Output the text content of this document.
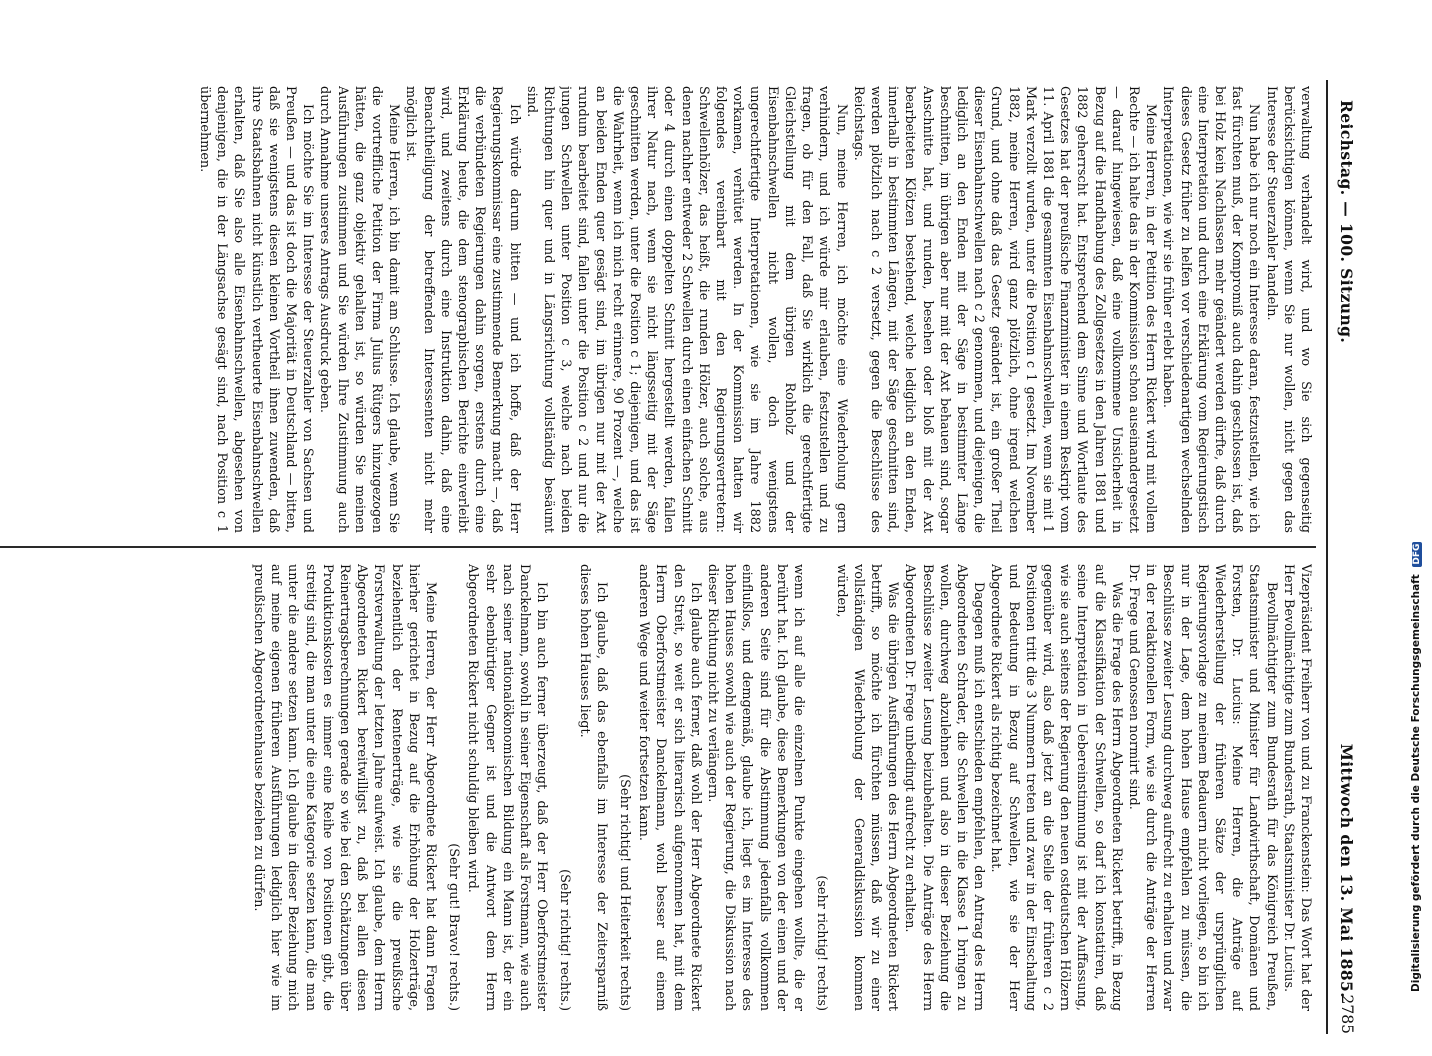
Reichstag. — 100. Sitzung.
Mittwoch den 13. Mai 1885.
2785

verwaltung verhandelt wird, und wo Sie sich gegenseitig berücksichtigen können, wenn Sie nur wollen, nicht gegen das Interesse der Steuerzahler handeln.

Nun habe ich nur noch ein Interesse daran, festzustellen, wie ich fast fürchten muß, der Kompromiß auch dahin geschlossen ist, daß bei Holz kein Nachlassen mehr geändert werden dürfte, daß durch eine Interpretation und durch eine Erklärung vom Regierungstisch dieses Gesetz früher zu helfen vor verschiedenartigen wechselnden Interpretationen, wie wir sie früher erlebt haben.

Meine Herren, in der Petition des Herrn Rickert wird mit vollem Rechte — ich halte das in der Kommission schon auseinandergesetzt — darauf hingewiesen, daß eine vollkommene Unsicherheit in Bezug auf die Handhabung des Zollgesetzes in den Jahren 1881 und 1882 geherrscht hat. Entsprechend dem Sinne und Wortlaute des Gesetzes hat der preußische Finanzminister in einem Reskript vom 11. April 1881 die gesammten Eisenbahnschwellen, wenn sie mit 1 Mark verzollt wurden, unter die Position c 1 gesetzt. Im November 1882, meine Herren, wird ganz plötzlich, ohne irgend welchen Grund, und ohne daß das Gesetz geändert ist, ein großer Theil dieser Eisenbahnschwellen nach c 2 genommen, und diejenigen, die lediglich an den Enden mit der Säge in bestimmter Länge beschnitten, im übrigen aber nur mit der Axt behauen sind, sogar Anschnitte hat, und runden, besehen oder bloß mit der Axt bearbeiteten Klötzen bestehend, welche lediglich an den Enden, innerhalb in bestimmten Längen, mit der Säge geschnitten sind, werden plötzlich nach c 2 versetzt, gegen die Beschlüsse des Reichstags.

Nun, meine Herren, ich möchte eine Wiederholung gern verhindern, und ich würde mir erlauben, festzustellen und zu fragen, ob für den Fall, daß Sie wirklich die gerechtfertigte Gleichstellung mit dem übrigen Rohholz und der Eisenbahnschwellen nicht wollen, doch wenigstens ungerechtfertigte Interpretationen, wie sie im Jahre 1882 vorkamen, verhütet werden. In der Kommission hatten wir folgendes vereinbart mit den Regierungsvertretern: Schwellenhölzer, das heißt, die runden Hölzer, auch solche, aus denen nachher entweder 2 Schwellen durch einen einfachen Schnitt oder 4 durch einen doppelten Schnitt hergestellt werden, fallen ihrer Natur nach, wenn sie nicht längsseitig mit der Säge geschnitten werden, unter die Position c 1; diejenigen, und das ist die Wahrheit, wenn ich mich recht erinnere, 90 Prozent —, welche an beiden Enden quer gesägt sind, im übrigen nur mit der Axt rundum bearbeitet sind, fallen unter die Position c 2 und nur die jungen Schwellen unter Position c 3, welche nach beiden Richtungen hin quer und in Längsrichtung vollständig besäumt sind.

Ich würde darum bitten — und ich hoffe, daß der Herr Regierungskommissar eine zustimmende Bemerkung macht —, daß die verbündeten Regierungen dahin sorgen, erstens durch eine Erklärung heute, die dem stenographischen Berichte einverleibt wird, und zweitens durch eine Instruktion dahin, daß eine Benachtheiligung der betreffenden Interessenten nicht mehr möglich ist.

Meine Herren, ich bin damit am Schlusse. Ich glaube, wenn Sie die vortreffliche Petition der Firma Julius Rütgers hinzugezogen hätten, die ganz objektiv gehalten ist, so würden Sie meinen Ausführungen zustimmen und Sie würden Ihre Zustimmung auch durch Annahme unseres Antrags Ausdruck geben.

Ich möchte Sie im Interesse der Steuerzahler von Sachsen und Preußen — und das ist doch die Majorität in Deutschland — bitten, daß sie wenigstens diesen kleinen Vortheil ihnen zuwenden, daß ihre Staatsbahnen nicht künstlich vertheuerte Eisenbahnschwellen erhalten, daß Sie also alle Eisenbahnschwellen, abgesehen von denjenigen, die in der Längsachse gesägt sind, nach Position c 1 übernehmen.

Vizepräsident Freiherr von und zu Franckenstein: Das Wort hat der Herr Bevollmächtigte zum Bundesrath, Staatsminister Dr. Lucius.

Bevollmächtigter zum Bundesrath für das Königreich Preußen, Staatsminister und Minister für Landwirthschaft, Domänen und Forsten, Dr. Lucius: Meine Herren, die Anträge auf Wiederherstellung der früheren Sätze der ursprünglichen Regierungsvorlage zu meinem Bedauern nicht vorliegen, so bin ich nur in der Lage, dem hohen Hause empfehlen zu müssen, die Beschlüsse zweiter Lesung durchweg aufrecht zu erhalten und zwar in der redaktionellen Form, wie sie durch die Anträge der Herren Dr. Frege und Genossen normirt sind.

Was die Frage des Herrn Abgeordneten Rickert betrifft, in Bezug auf die Klassifikation der Schwellen, so darf ich konstatiren, daß seine Interpretation in Uebereinstimmung ist mit der Auffassung, wie sie auch seitens der Regierung den neuen ostdeutschen Hölzern gegenüber wird, also daß jetzt an die Stelle der früheren c 2 Positionen tritt die 3 Nummern treten und zwar in der Einschaltung und Bedeutung in Bezug auf Schwellen, wie sie der Herr Abgeordnete Rickert als richtig bezeichnet hat.

Dagegen muß ich entschieden empfehlen, den Antrag des Herrn Abgeordneten Schrader, die Schwellen in die Klasse 1 bringen zu wollen, durchweg abzulehnen und also in dieser Beziehung die Beschlüsse zweiter Lesung beizubehalten. Die Anträge des Herrn Abgeordneten Dr. Frege unbedingt aufrecht zu erhalten.

Was die übrigen Ausführungen des Herrn Abgeordneten Rickert betrifft, so möchte ich fürchten müssen, daß wir zu einer vollständigen Wiederholung der Generaldiskussion kommen würden,

(sehr richtig! rechts)

wenn ich auf alle die einzelnen Punkte eingehen wollte, die er berührt hat. Ich glaube, diese Bemerkungen von der einen und der anderen Seite sind für die Abstimmung jedenfalls vollkommen einflußlos, und demgemäß, glaube ich, liegt es im Interesse des hohen Hauses sowohl wie auch der Regierung, die Diskussion nach dieser Richtung nicht zu verlängern.

Ich glaube auch ferner, daß wohl der Herr Abgeordnete Rickert den Streit, so weit er sich literarisch aufgenommen hat, mit dem Herrn Oberforstmeister Danckelmann, wohl besser auf einem anderen Wege und weiter fortsetzen kann.

(Sehr richtig! und Heiterkeit rechts)

Ich glaube, daß das ebenfalls im Interesse der Zeitersparniß dieses hohen Hauses liegt.

(Sehr richtig! rechts.)

Ich bin auch ferner überzeugt, daß der Herr Oberforstmeister Danckelmann, sowohl in seiner Eigenschaft als Forstmann, wie auch nach seiner nationalökonomischen Bildung ein Mann ist, der ein sehr ebenbürtiger Gegner ist und die Antwort dem Herrn Abgeordneten Rickert nicht schuldig bleiben wird.

(Sehr gut! Bravo! rechts.)

Meine Herren, der Herr Abgeordnete Rickert hat dann Fragen hierher gerichtet in Bezug auf die Erhöhung der Holzerträge, beziehentlich der Rentenerträge, wie sie die preußische Forstverwaltung der letzten Jahre aufweist. Ich glaube, dem Herrn Abgeordneten Rickert bereitwilligst zu, daß bei allen diesen Reinertragsberechnungen gerade so wie bei den Schätzungen über Produktionskosten es immer eine Reihe von Positionen gibt, die streitig sind, die man unter die eine Kategorie setzen kann, die man unter die andere setzen kann. Ich glaube in dieser Beziehung mich auf meine eigenen früheren Ausführungen lediglich hier wie im preußischen Abgeordnetenhause beziehen zu dürfen.	Digitalisierung gefördert durch die Deutsche Forschungsgemeinschaft DFG
